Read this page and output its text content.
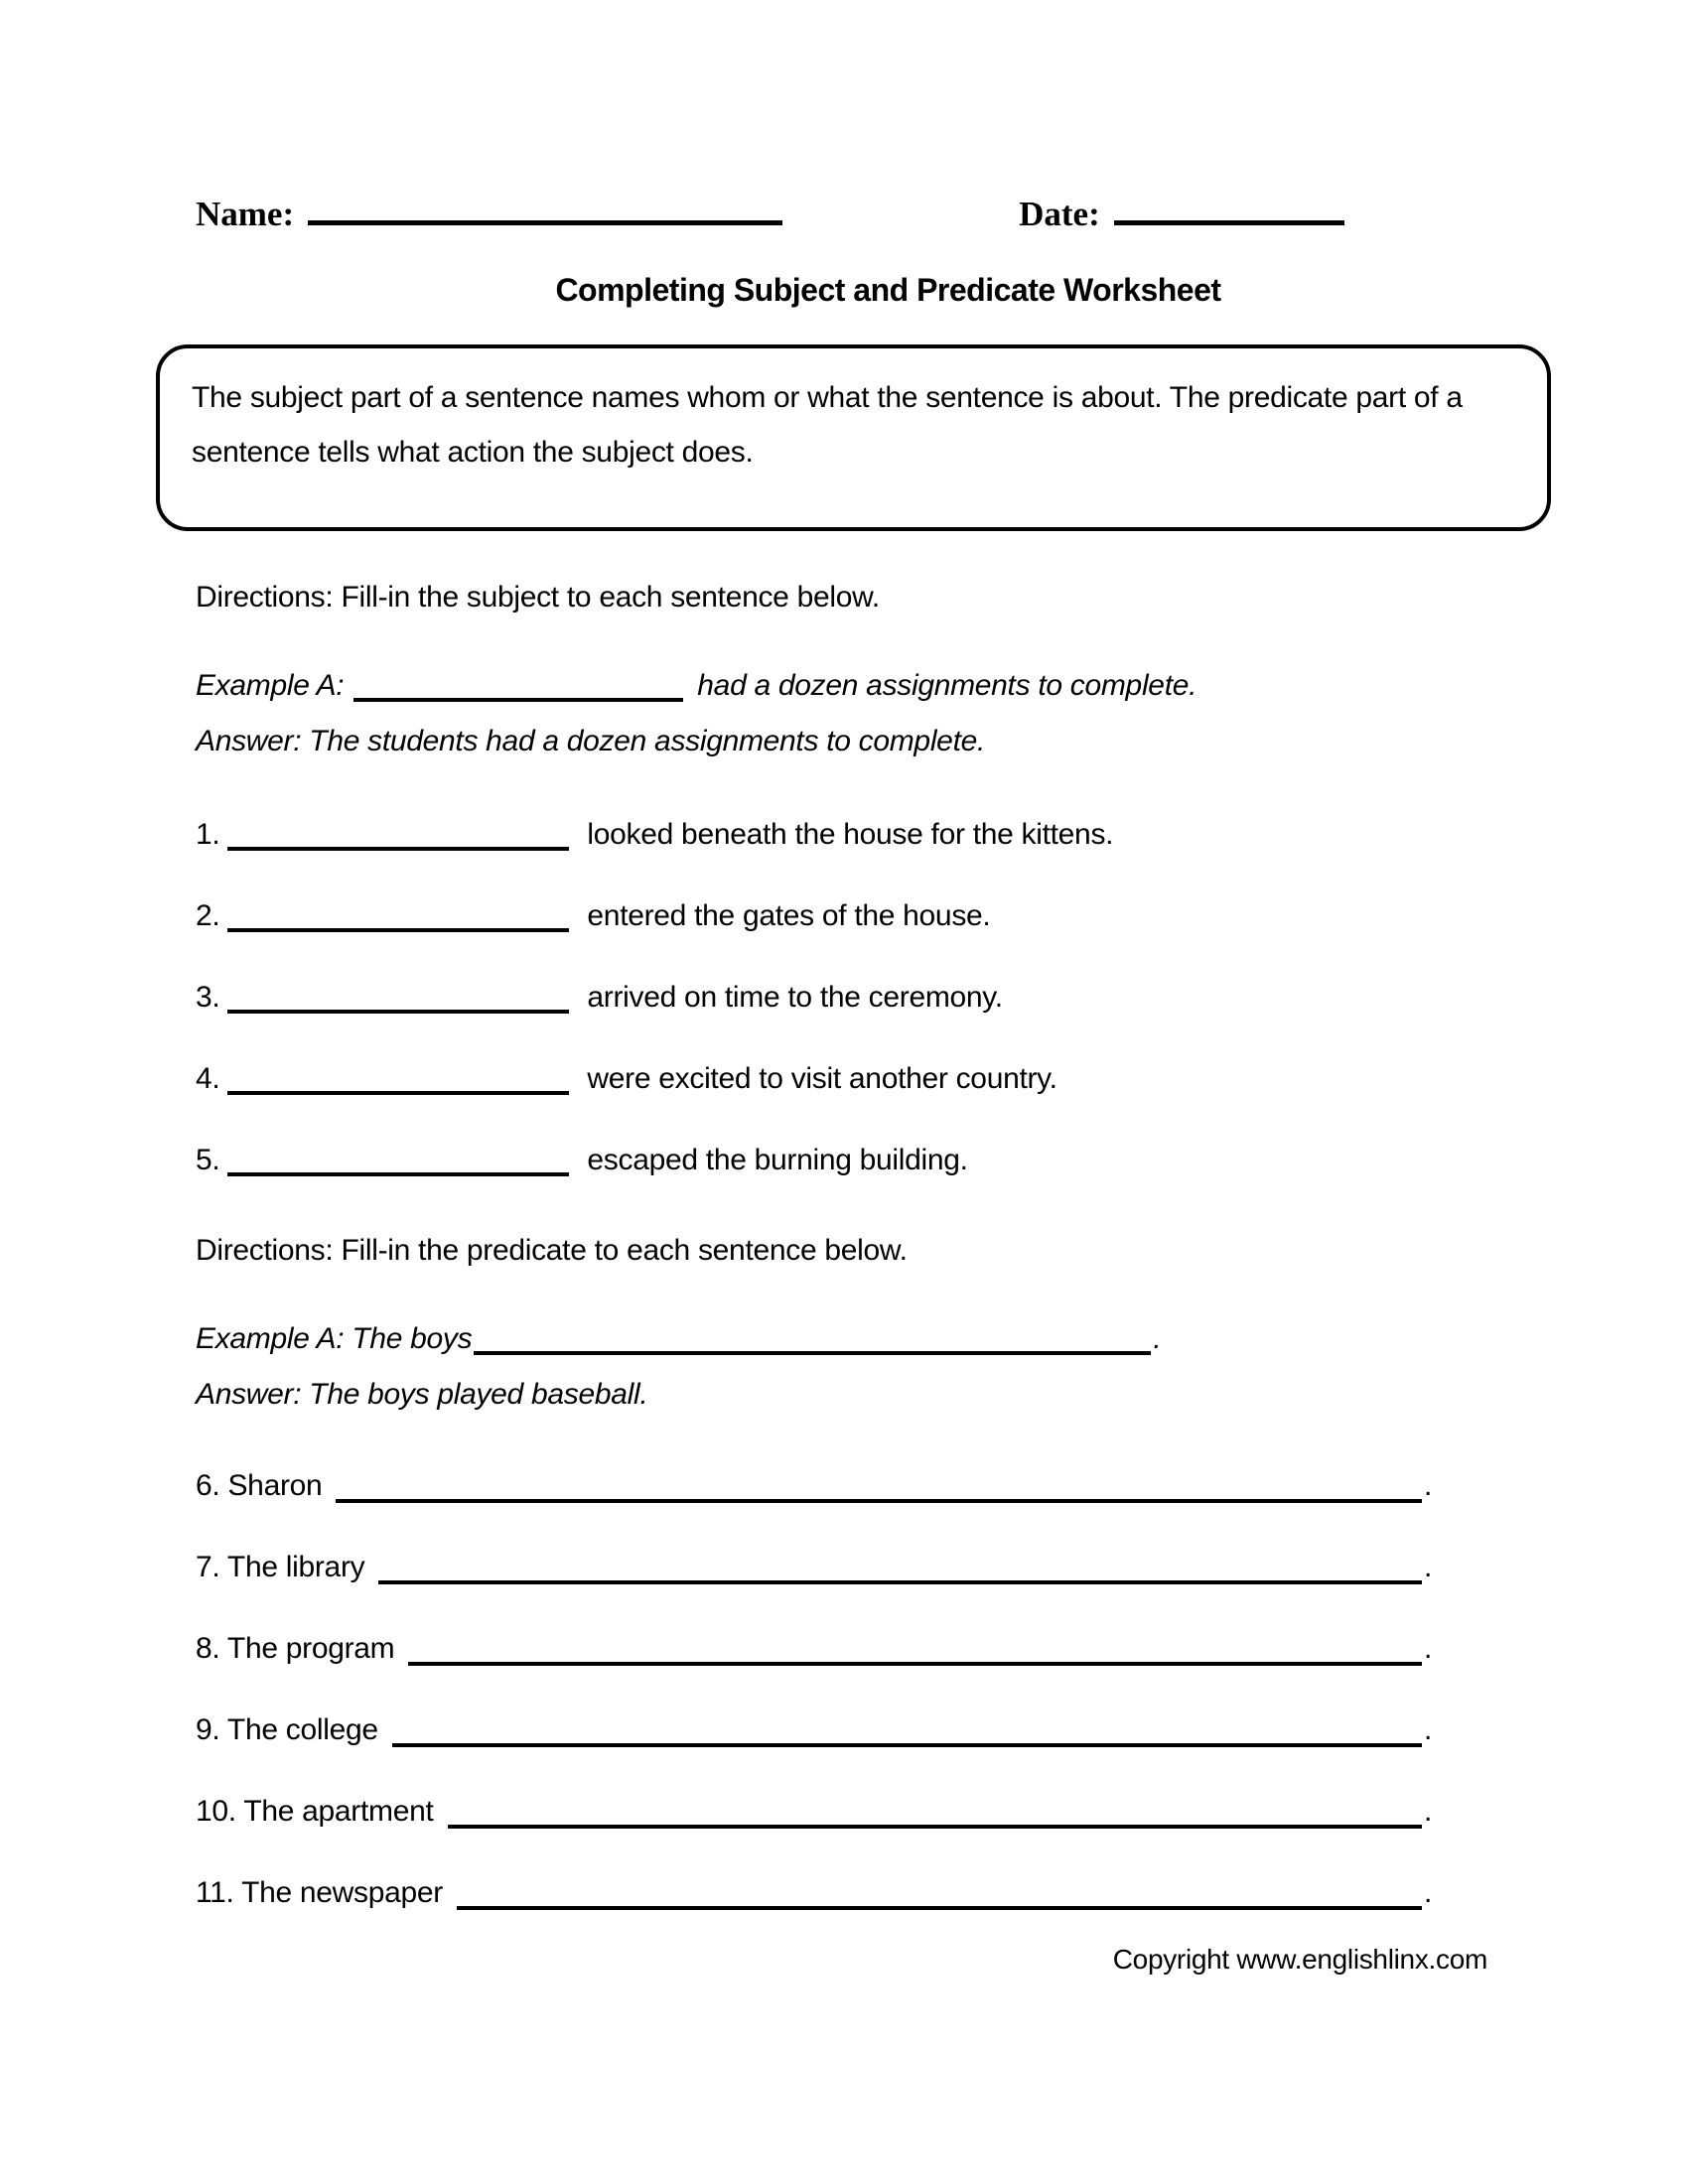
Name:	Date:
Completing Subject and Predicate Worksheet
The subject part of a sentence names whom or what the sentence is about. The predicate part of a sentence tells what action the subject does.
Directions: Fill-in the subject to each sentence below.
Example A:	had a dozen assignments to complete.
Answer: The students had a dozen assignments to complete.
1.	looked beneath the house for the kittens.
2.	entered the gates of the house.
3.	arrived on time to the ceremony.
4.	were excited to visit another country.
5.	escaped the burning building.
Directions: Fill-in the predicate to each sentence below.
Example A: The boys	.
Answer: The boys played baseball.
6. Sharon	.
7. The library	.
8. The program	.
9. The college	.
10. The apartment	.
11. The newspaper	.
Copyright www.englishlinx.com
